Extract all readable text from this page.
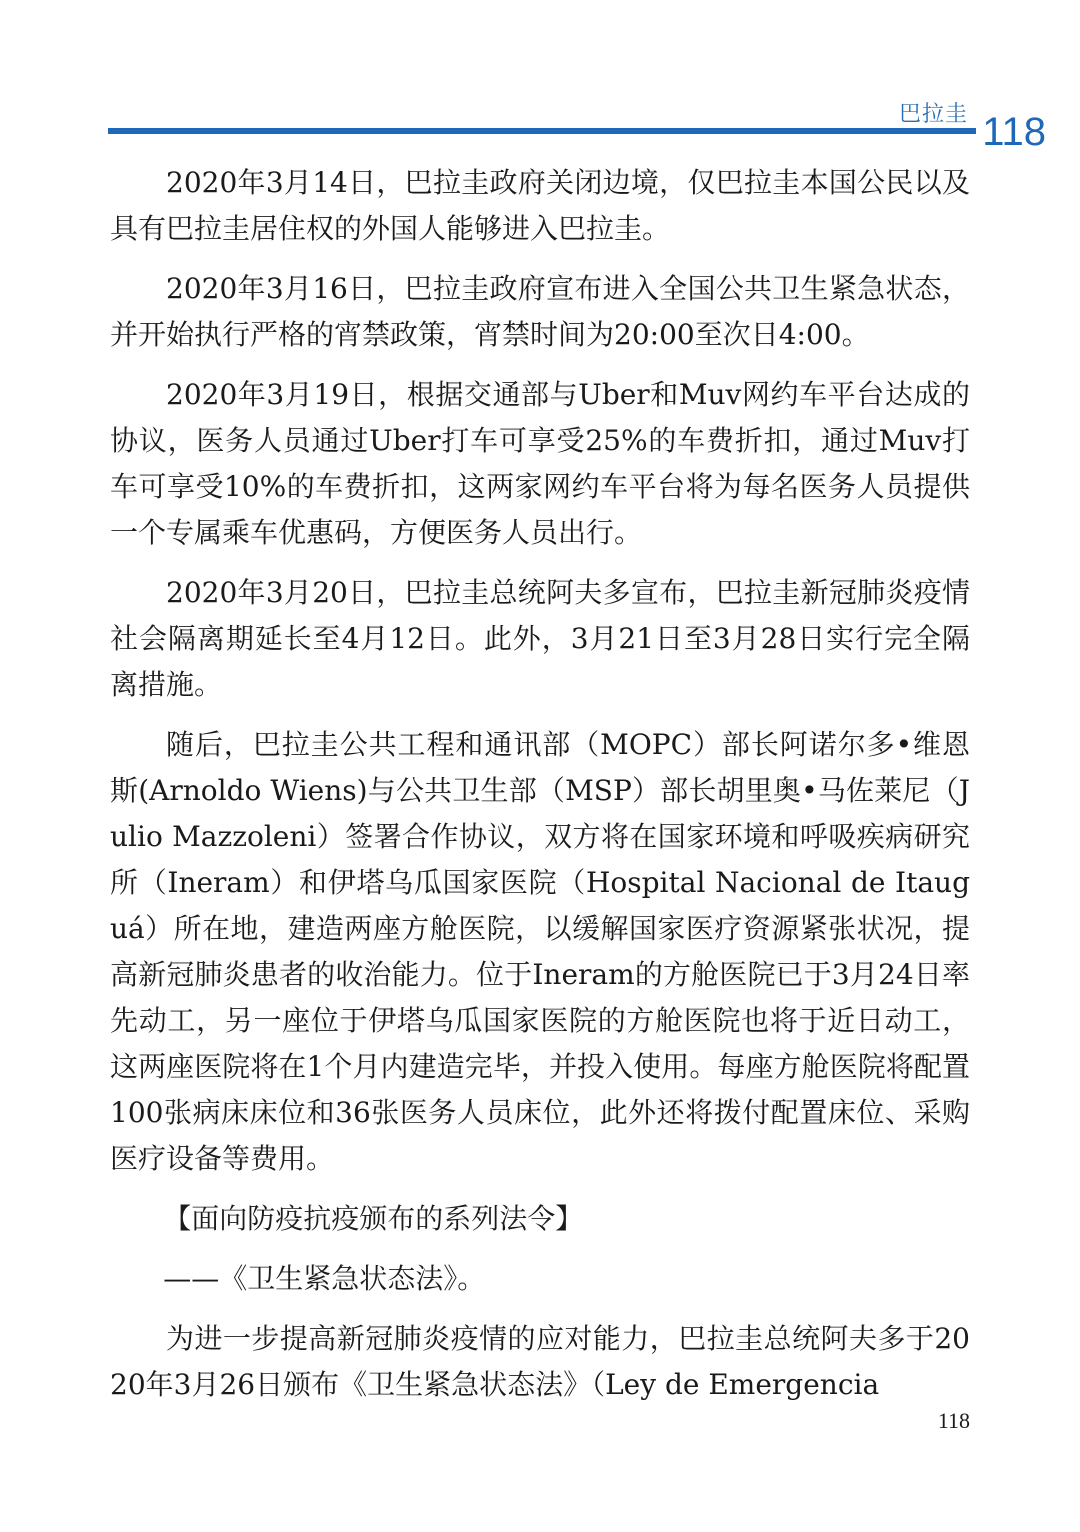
巴拉圭 118

2020年3月14日，巴拉圭政府关闭边境，仅巴拉圭本国公民以及具有巴拉圭居住权的外国人能够进入巴拉圭。

2020年3月16日，巴拉圭政府宣布进入全国公共卫生紧急状态，并开始执行严格的宵禁政策，宵禁时间为20:00至次日4:00。

2020年3月19日，根据交通部与Uber和Muv网约车平台达成的协议，医务人员通过Uber打车可享受25%的车费折扣，通过Muv打车可享受10%的车费折扣，这两家网约车平台将为每名医务人员提供一个专属乘车优惠码，方便医务人员出行。

2020年3月20日，巴拉圭总统阿夫多宣布，巴拉圭新冠肺炎疫情社会隔离期延长至4月12日。此外，3月21日至3月28日实行完全隔离措施。

随后，巴拉圭公共工程和通讯部（MOPC）部长阿诺尔多•维恩斯(Arnoldo Wiens)与公共卫生部（MSP）部长胡里奥•马佐莱尼（Julio Mazzoleni）签署合作协议，双方将在国家环境和呼吸疾病研究所（Ineram）和伊塔乌瓜国家医院（Hospital Nacional de Itauguá）所在地，建造两座方舱医院，以缓解国家医疗资源紧张状况，提高新冠肺炎患者的收治能力。位于Ineram的方舱医院已于3月24日率先动工，另一座位于伊塔乌瓜国家医院的方舱医院也将于近日动工，这两座医院将在1个月内建造完毕，并投入使用。每座方舱医院将配置100张病床床位和36张医务人员床位，此外还将拨付配置床位、采购医疗设备等费用。

【面向防疫抗疫颁布的系列法令】

——《卫生紧急状态法》。

为进一步提高新冠肺炎疫情的应对能力，巴拉圭总统阿夫多于2020年3月26日颁布《卫生紧急状态法》（Ley de Emergencia

118
